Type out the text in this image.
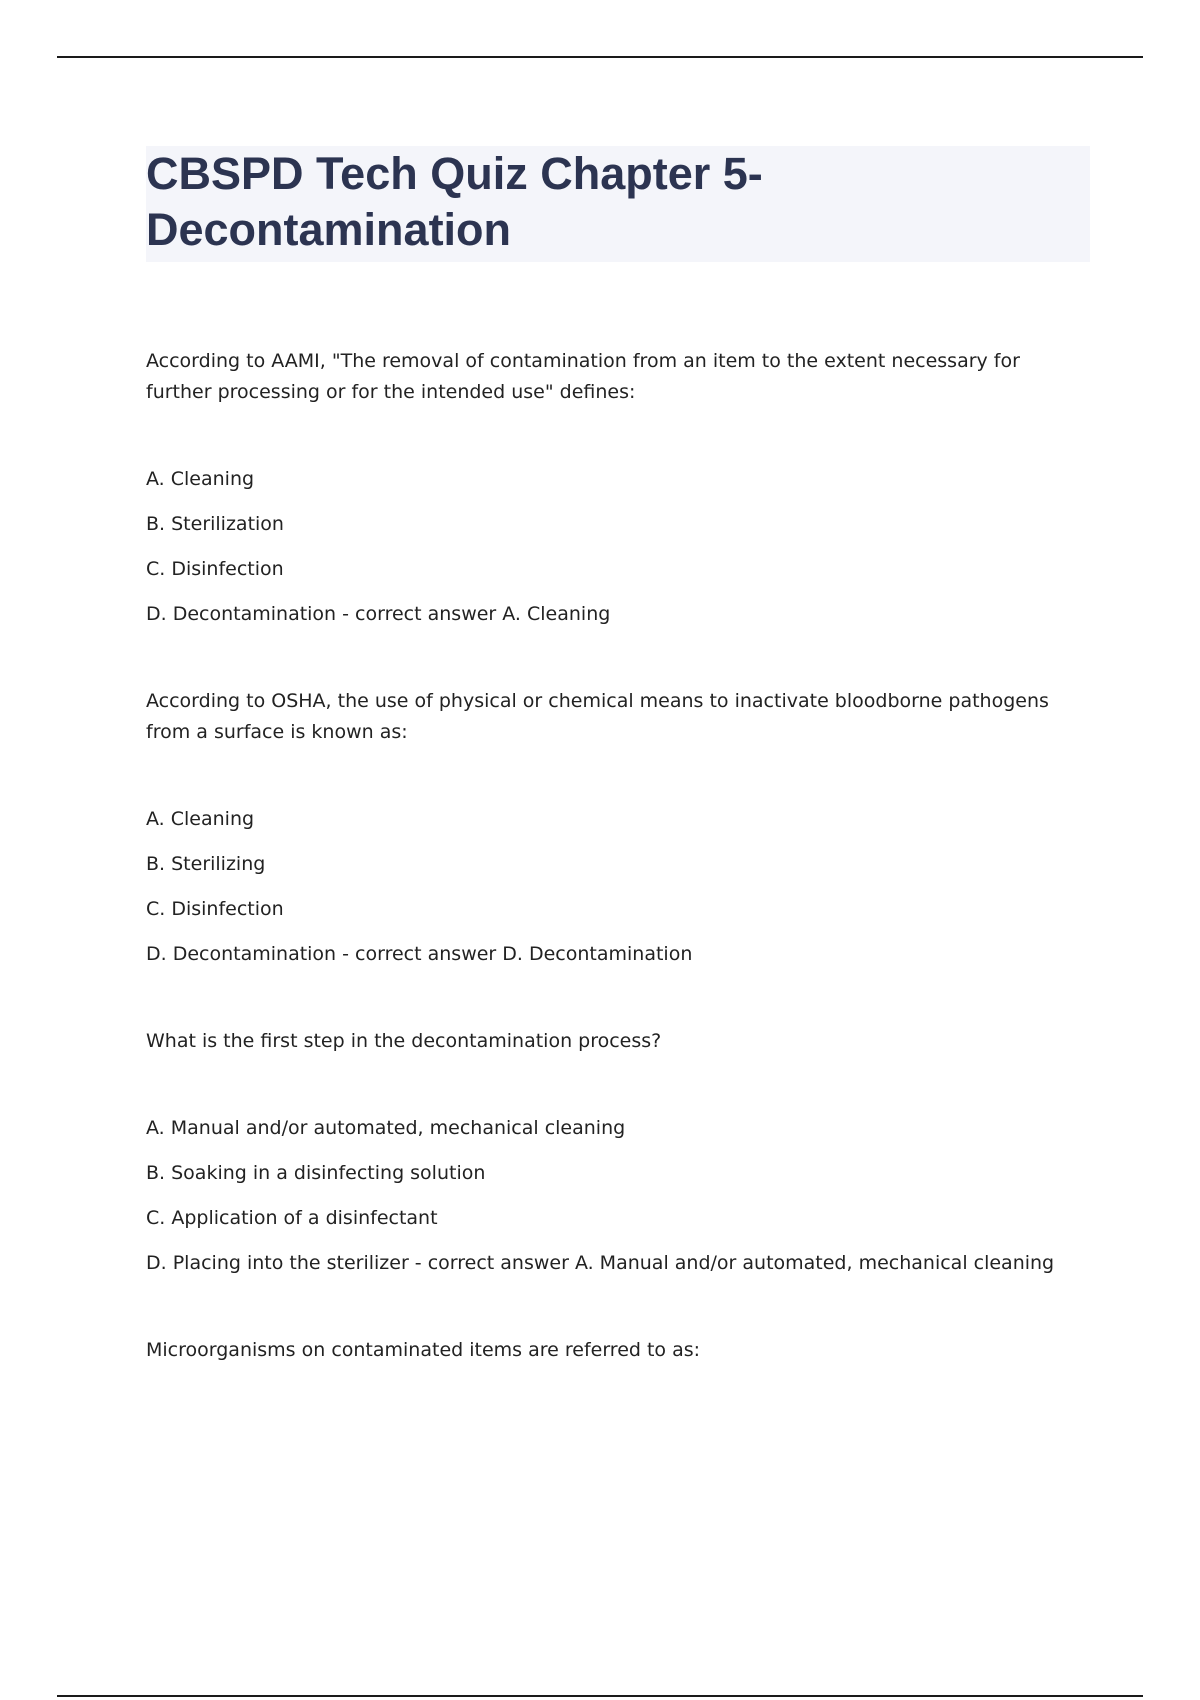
CBSPD Tech Quiz Chapter 5-
Decontamination

According to AAMI, "The removal of contamination from an item to the extent necessary for further processing or for the intended use" defines:

A. Cleaning
B. Sterilization
C. Disinfection
D. Decontamination - correct answer A. Cleaning

According to OSHA, the use of physical or chemical means to inactivate bloodborne pathogens from a surface is known as:

A. Cleaning
B. Sterilizing
C. Disinfection
D. Decontamination - correct answer D. Decontamination

What is the first step in the decontamination process?

A. Manual and/or automated, mechanical cleaning
B. Soaking in a disinfecting solution
C. Application of a disinfectant
D. Placing into the sterilizer - correct answer A. Manual and/or automated, mechanical cleaning

Microorganisms on contaminated items are referred to as:
